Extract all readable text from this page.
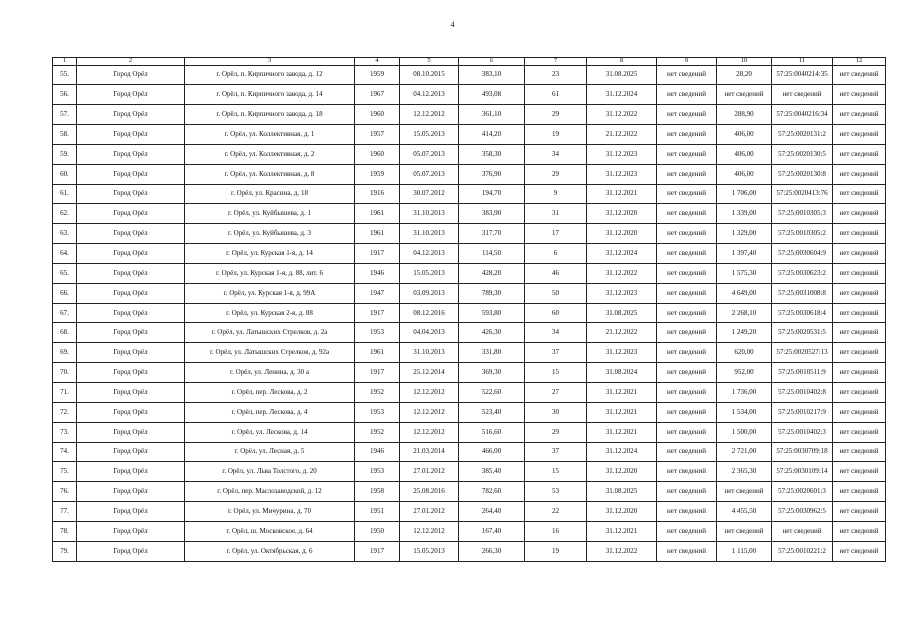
4
1	2	3	4	5	6	7	8	9	10	11	12
55.	Город Орёл	г. Орёл, п. Кирпичного завода, д. 12	1959	08.10.2015	383,10	23	31.08.2025	нет сведений	28,20	57:25:0040214:35	нет сведений
56.	Город Орёл	г. Орёл, п. Кирпичного завода, д. 14	1967	04.12.2013	493,08	61	31.12.2024	нет сведений	нет сведений	нет сведений	нет сведений
57.	Город Орёл	г. Орёл, п. Кирпичного завода, д. 18	1960	12.12.2012	361,10	29	31.12.2022	нет сведений	288,90	57:25:0040216:34	нет сведений
58.	Город Орёл	г. Орёл, ул. Коллективная, д. 1	1957	15.05.2013	414,20	19	21.12.2022	нет сведений	406,00	57:25:0020131:2	нет сведений
59.	Город Орёл	г. Орёл, ул. Коллективная, д. 2	1960	05.07.2013	358,30	34	31.12.2023	нет сведений	406,00	57:25:0020130:5	нет сведений
60.	Город Орёл	г. Орёл, ул. Коллективная, д. 8	1959	05.07.2013	376,90	29	31.12.2023	нет сведений	406,00	57:25:0020130:8	нет сведений
61.	Город Орёл	г. Орёл, ул. Красина, д. 18	1916	30.07.2012	194,70	9	31.12.2021	нет сведений	1 706,00	57:25:0020413:76	нет сведений
62.	Город Орёл	г. Орёл, ул. Куйбышева, д. 1	1961	31.10.2013	383,90	31	31.12.2020	нет сведений	1 339,00	57:25:0010305:3	нет сведений
63.	Город Орёл	г. Орёл, ул. Куйбышева, д. 3	1961	31.10.2013	317,70	17	31.12.2020	нет сведений	1 329,00	57:25:0010305:2	нет сведений
64.	Город Орёл	г. Орёл, ул. Курская 1-я, д. 14	1917	04.12.2013	114,50	6	31.12.2024	нет сведений	1 397,40	57:25:0030604:9	нет сведений
65.	Город Орёл	г. Орёл, ул. Курская 1-я, д. 88, лит. 6	1946	15.05.2013	428,20	46	31.12.2022	нет сведений	1 575,30	57:25:0030623:2	нет сведений
66.	Город Орёл	г. Орёл, ул. Курская 1-я, д. 99А	1947	03.09.2013	789,30	50	31.12.2023	нет сведений	4 649,00	57:25:0031008:8	нет сведений
67.	Город Орёл	г. Орёл, ул. Курская 2-я, д. 88	1917	08.12.2016	593,80	60	31.08.2025	нет сведений	2 268,10	57:25:0030618:4	нет сведений
68.	Город Орёл	г. Орёл, ул. Латышских Стрелков, д. 2а	1953	04.04.2013	426,30	34	21.12.2022	нет сведений	1 249,20	57:25:0020531:5	нет сведений
69.	Город Орёл	г. Орёл, ул. Латышских Стрелков, д. 92а	1961	31.10.2013	331,80	37	31.12.2023	нет сведений	620,00	57:25:0020527:13	нет сведений
70.	Город Орёл	г. Орёл, ул. Ленина, д. 30 а	1917	25.12.2014	369,30	15	31.08.2024	нет сведений	952,00	57:25:0010511:9	нет сведений
71.	Город Орёл	г. Орёл, пер. Лескова, д. 2	1952	12.12.2012	522,60	27	31.12.2021	нет сведений	1 736,00	57:25:0010402:8	нет сведений
72.	Город Орёл	г. Орёл, пер. Лескова, д. 4	1953	12.12.2012	523,40	30	31.12.2021	нет сведений	1 534,00	57:25:0010217:9	нет сведений
73.	Город Орёл	г. Орёл, ул. Лескова, д. 14	1952	12.12.2012	516,60	29	31.12.2021	нет сведений	1 500,00	57:25:0010402:3	нет сведений
74.	Город Орёл	г. Орёл, ул. Лесная, д. 5	1946	21.03.2014	466,00	37	31.12.2024	нет сведений	2 721,00	57:25:0030709:18	нет сведений
75.	Город Орёл	г. Орёл, ул. Льва Толстого, д. 20	1953	27.01.2012	385,40	15	31.12.2020	нет сведений	2 365,30	57:25:0030109:14	нет сведений
76.	Город Орёл	г. Орёл, пер. Маслозаводской, д. 12	1958	25.08.2016	782,60	53	31.08.2025	нет сведений	нет сведений	57:25:0020601:3	нет сведений
77.	Город Орёл	г. Орёл, ул. Мичурина, д. 70	1951	27.01.2012	264,40	22	31.12.2020	нет сведений	4 455,50	57:25:0030962:5	нет сведений
78.	Город Орёл	г. Орёл, ш. Московское, д. 64	1950	12.12.2012	167,40	16	31.12.2021	нет сведений	нет сведений	нет сведений	нет сведений
79.	Город Орёл	г. Орёл, ул. Октябрьская, д. 6	1917	15.05.2013	266,30	19	31.12.2022	нет сведений	1 115,00	57:25:0010221:2	нет сведений
